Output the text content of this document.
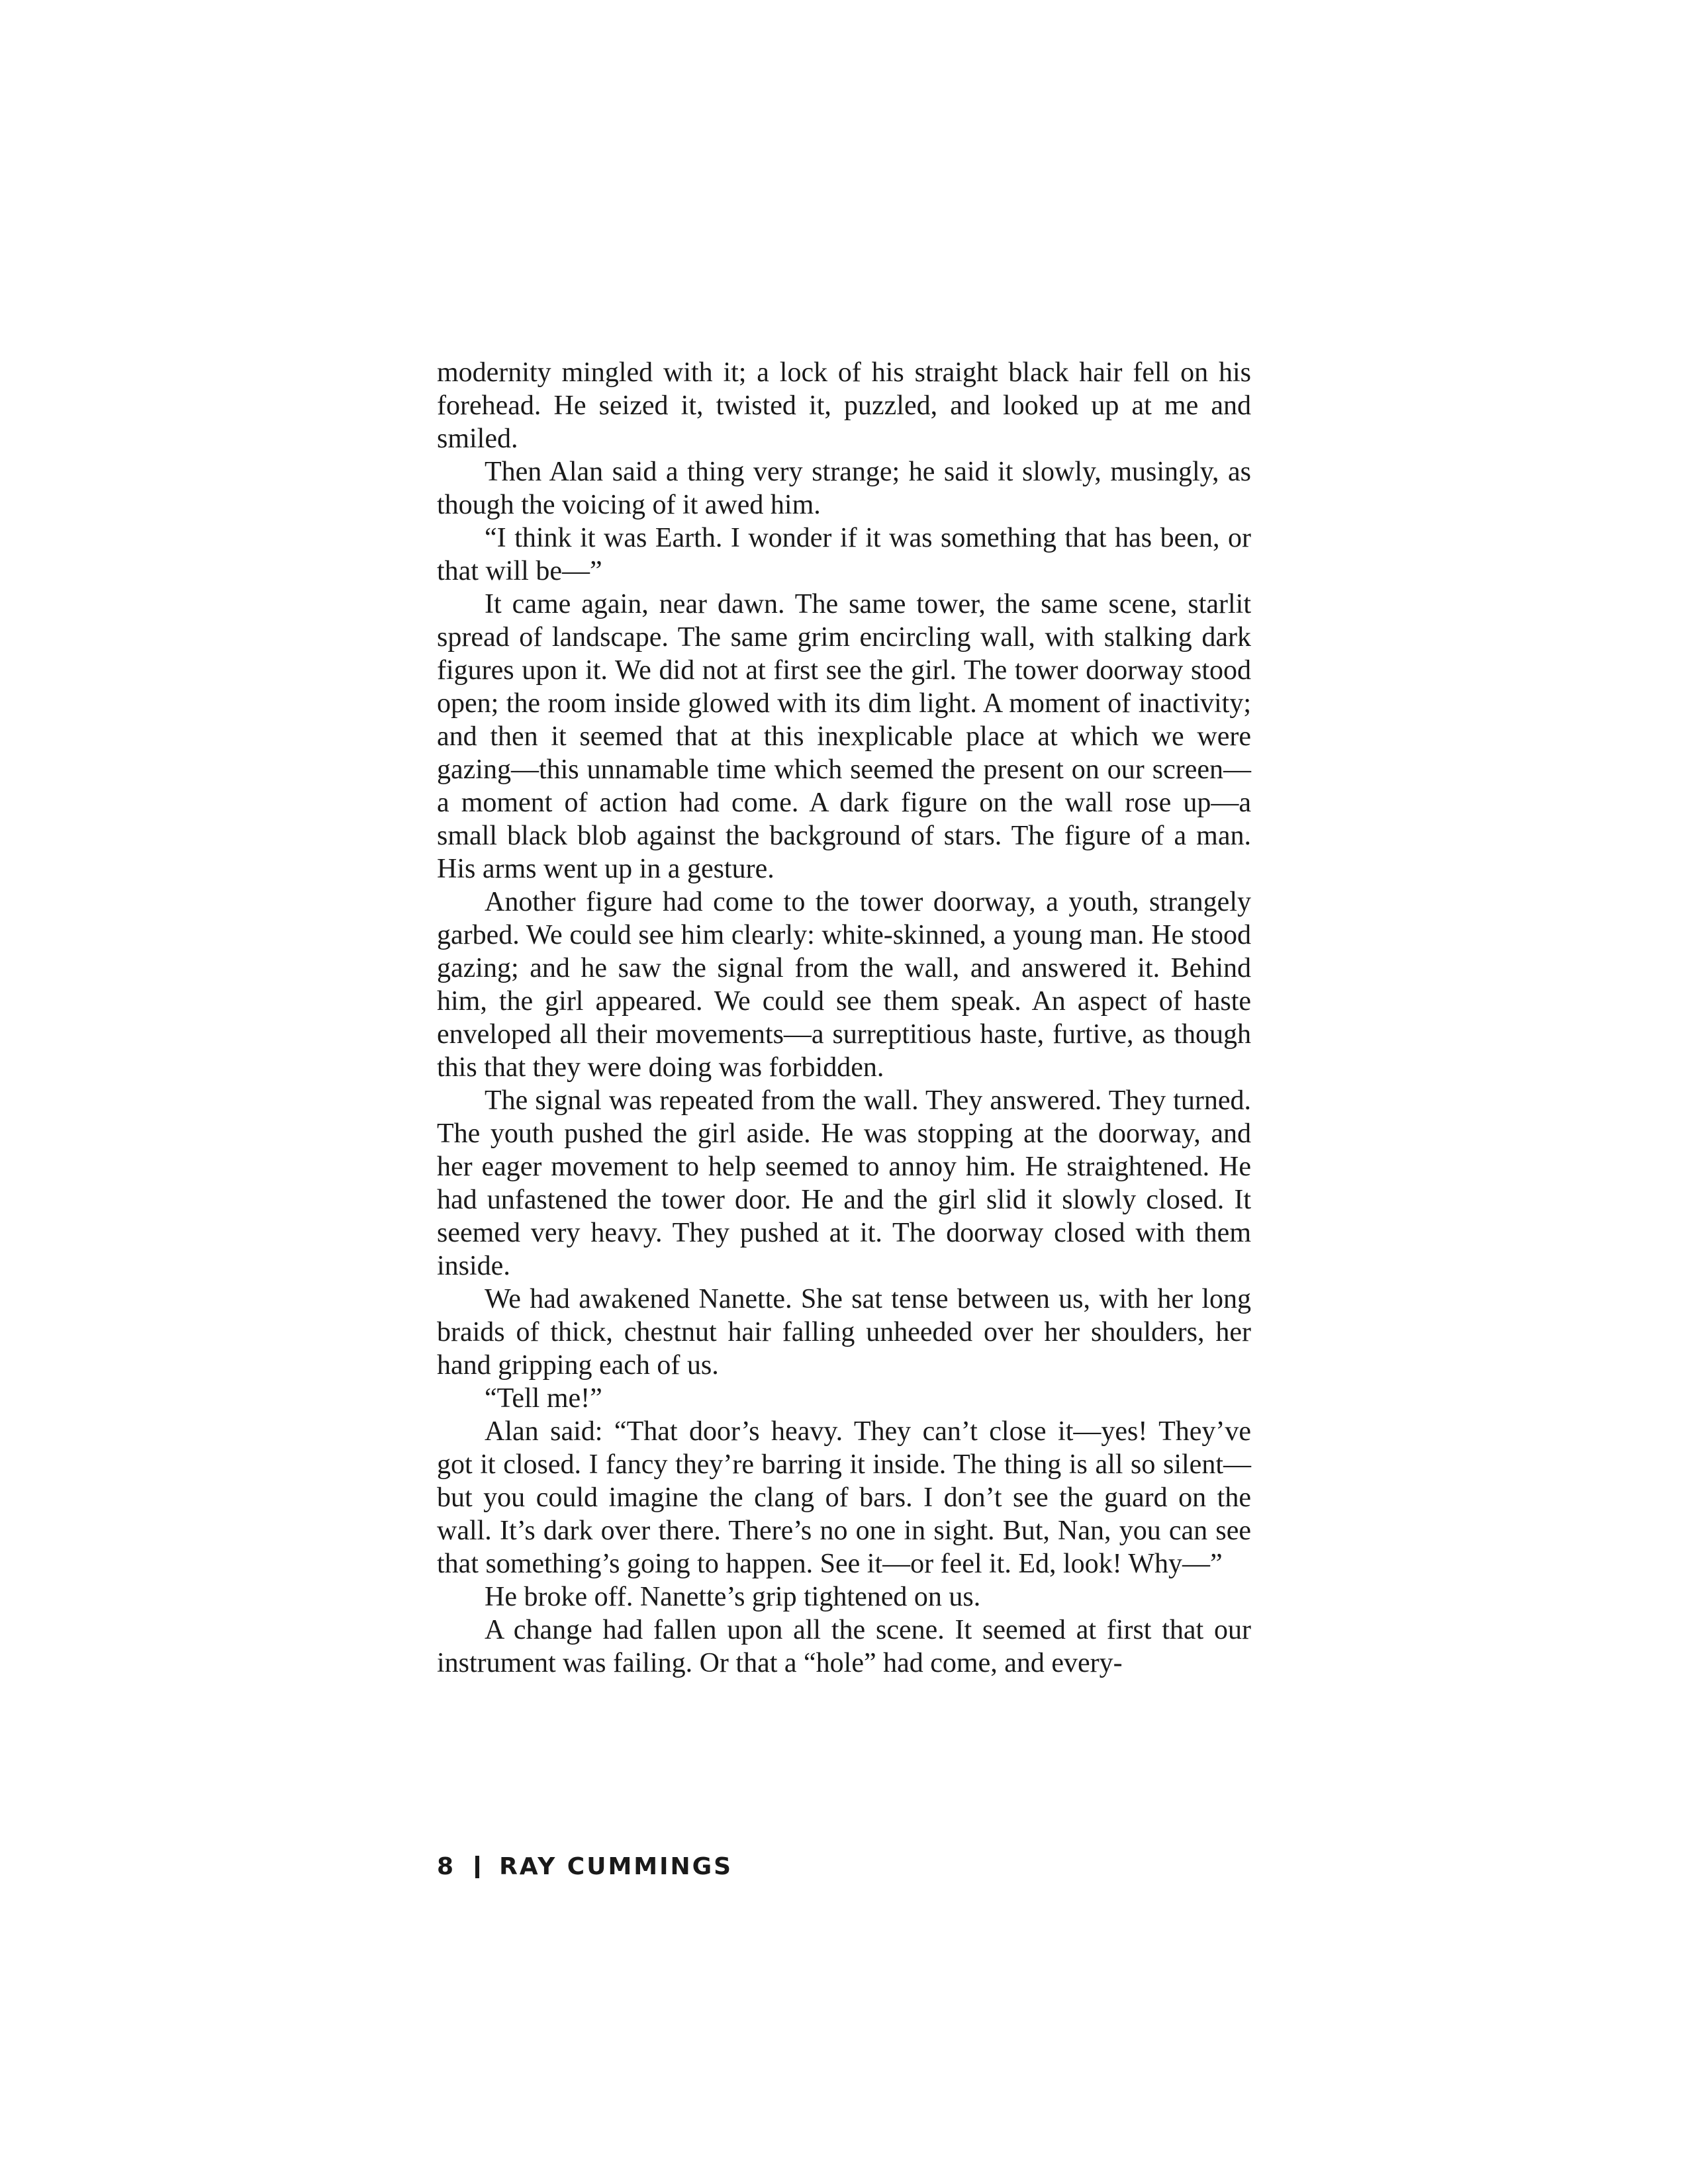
modernity mingled with it; a lock of his straight black hair fell on his forehead. He seized it, twisted it, puzzled, and looked up at me and smiled.

Then Alan said a thing very strange; he said it slowly, musingly, as though the voicing of it awed him.

“I think it was Earth. I wonder if it was something that has been, or that will be—”

It came again, near dawn. The same tower, the same scene, starlit spread of landscape. The same grim encircling wall, with stalking dark figures upon it. We did not at first see the girl. The tower doorway stood open; the room inside glowed with its dim light. A moment of inactivity; and then it seemed that at this inexplicable place at which we were gazing—this unnamable time which seemed the present on our screen—a moment of action had come. A dark figure on the wall rose up—a small black blob against the background of stars. The figure of a man. His arms went up in a gesture.

Another figure had come to the tower doorway, a youth, strangely garbed. We could see him clearly: white-skinned, a young man. He stood gazing; and he saw the signal from the wall, and answered it. Behind him, the girl appeared. We could see them speak. An aspect of haste enveloped all their movements—a surreptitious haste, furtive, as though this that they were doing was forbidden.

The signal was repeated from the wall. They answered. They turned. The youth pushed the girl aside. He was stopping at the doorway, and her eager movement to help seemed to annoy him. He straightened. He had unfastened the tower door. He and the girl slid it slowly closed. It seemed very heavy. They pushed at it. The doorway closed with them inside.

We had awakened Nanette. She sat tense between us, with her long braids of thick, chestnut hair falling unheeded over her shoulders, her hand gripping each of us.

“Tell me!”

Alan said: “That door’s heavy. They can’t close it—yes! They’ve got it closed. I fancy they’re barring it inside. The thing is all so silent—but you could imagine the clang of bars. I don’t see the guard on the wall. It’s dark over there. There’s no one in sight. But, Nan, you can see that something’s going to happen. See it—or feel it. Ed, look! Why—”

He broke off. Nanette’s grip tightened on us.

A change had fallen upon all the scene. It seemed at first that our instrument was failing. Or that a “hole” had come, and every-

8 RAY CUMMINGS
